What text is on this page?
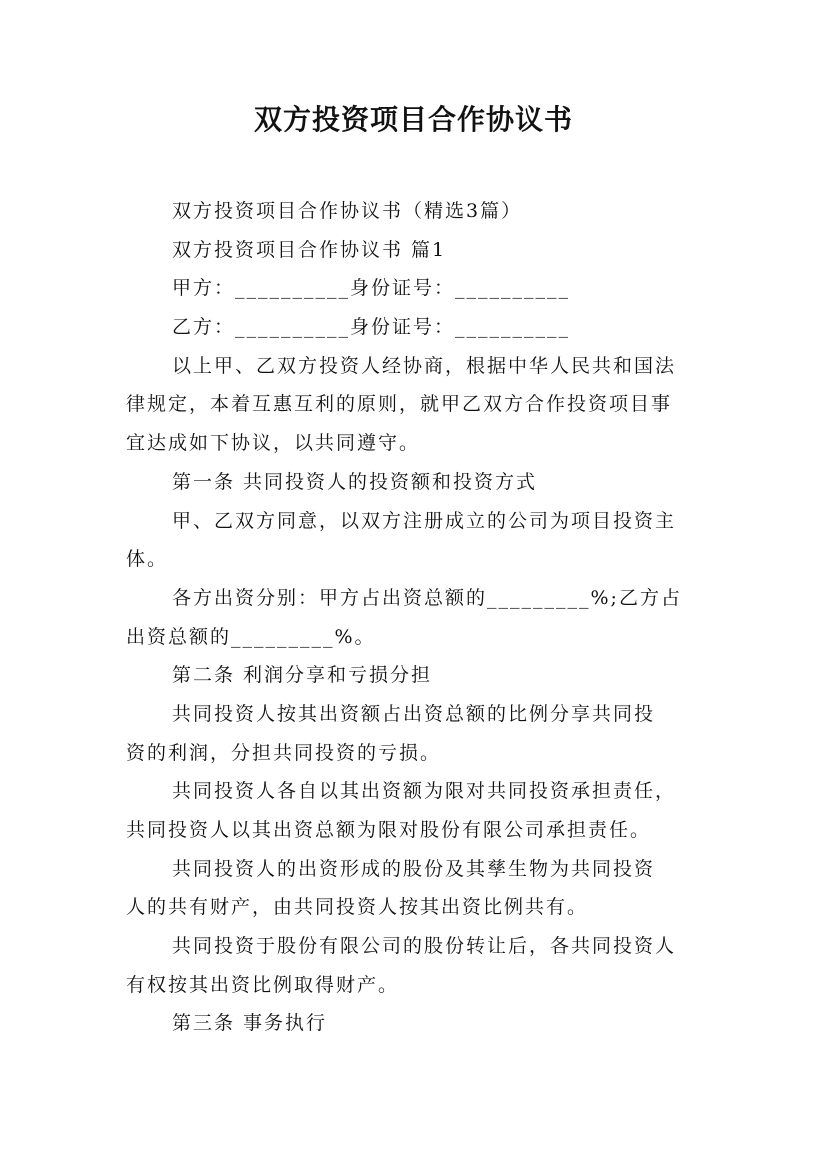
双方投资项目合作协议书
双方投资项目合作协议书（精选3篇）
双方投资项目合作协议书 篇1
甲方：__________身份证号：__________
乙方：__________身份证号：__________
以上甲、乙双方投资人经协商，根据中华人民共和国法
律规定，本着互惠互利的原则，就甲乙双方合作投资项目事
宜达成如下协议，以共同遵守。
第一条 共同投资人的投资额和投资方式
甲、乙双方同意，以双方注册成立的公司为项目投资主
体。
各方出资分别：甲方占出资总额的_________%;乙方占
出资总额的_________%。
第二条 利润分享和亏损分担
共同投资人按其出资额占出资总额的比例分享共同投
资的利润，分担共同投资的亏损。
共同投资人各自以其出资额为限对共同投资承担责任，
共同投资人以其出资总额为限对股份有限公司承担责任。
共同投资人的出资形成的股份及其孳生物为共同投资
人的共有财产，由共同投资人按其出资比例共有。
共同投资于股份有限公司的股份转让后，各共同投资人
有权按其出资比例取得财产。
第三条 事务执行
